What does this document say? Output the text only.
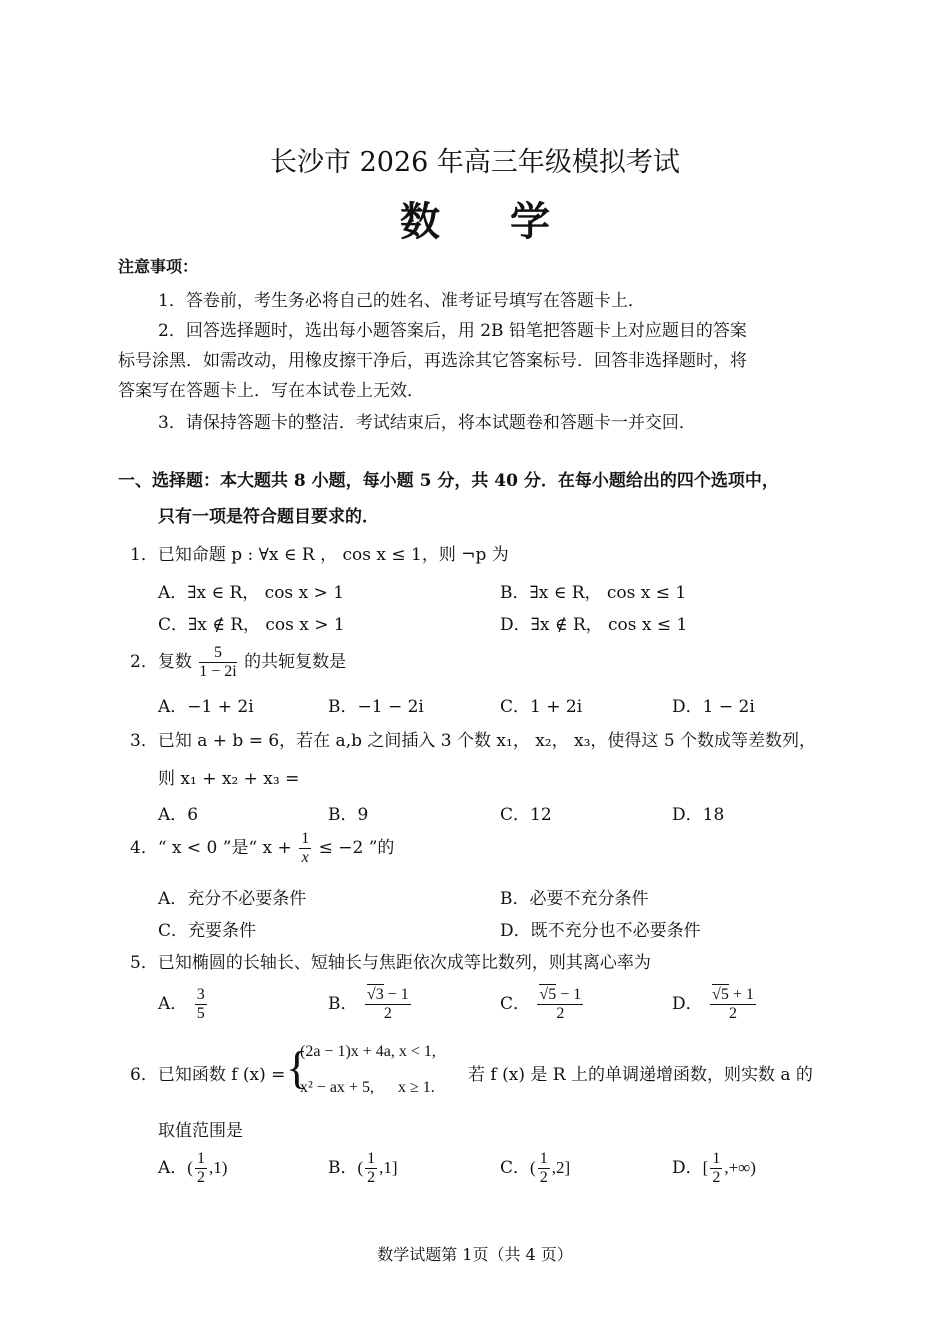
长沙市 2026 年高三年级模拟考试
数学
注意事项：
1．答卷前，考生务必将自己的姓名、准考证号填写在答题卡上．
2．回答选择题时，选出每小题答案后，用 2B 铅笔把答题卡上对应题目的答案
标号涂黑．如需改动，用橡皮擦干净后，再选涂其它答案标号．回答非选择题时，将
答案写在答题卡上．写在本试卷上无效．
3．请保持答题卡的整洁．考试结束后，将本试题卷和答题卡一并交回．
一、选择题：本大题共 8 小题，每小题 5 分，共 40 分．在每小题给出的四个选项中，
只有一项是符合题目要求的．
1．已知命题 p : ∀x ∈ R ， cos x ≤ 1，则 ¬p 为
A．∃x ∈ R， cos x > 1	B．∃x ∈ R， cos x ≤ 1
C．∃x ∉ R， cos x > 1	D．∃x ∉ R， cos x ≤ 1
2．复数 $\frac{5}{1 - 2i}$ 的共轭复数是
A．−1 + 2i	B．−1 − 2i	C．1 + 2i	D．1 − 2i
3．已知 a + b = 6，若在 a,b 之间插入 3 个数 x₁， x₂， x₃，使得这 5 个数成等差数列，
则 x₁ + x₂ + x₃ =
A．6	B．9	C．12	D．18
4．“ x < 0 ”是“ $x + \frac{1}{x} \le -2$ ”的
A．充分不必要条件	B．必要不充分条件
C．充要条件	D．既不充分也不必要条件
5．已知椭圆的长轴长、短轴长与焦距依次成等比数列，则其离心率为
A． $\frac{3}{5}$	B． $\frac{√3 - 1}{2}$	C． $\frac{√5 - 1}{2}$	D． $\frac{√5 + 1}{2}$
6．已知函数 f (x) = {
(2a − 1)x + 4a, x < 1,
x² − ax + 5,      x ≥ 1.
若 f (x) 是 R 上的单调递增函数，则实数 a 的
取值范围是
A．( $\frac{1}{2} ,1$)	B．( $\frac{1}{2} ,1$]	C．( $\frac{1}{2} ,2$]	D．[ $\frac{1}{2}$ ,+∞)
数学试题第 1页（共 4 页）
